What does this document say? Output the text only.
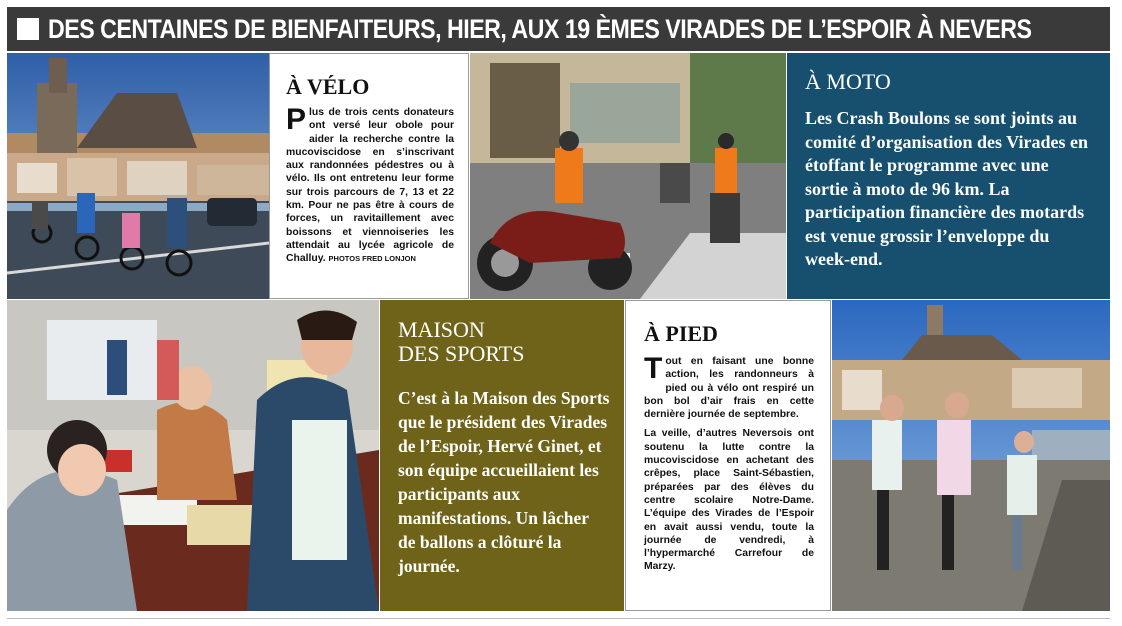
DES CENTAINES DE BIENFAITEURS, HIER, AUX 19 ÈMES VIRADES DE L’ESPOIR À NEVERS
À VÉLO

Plus de trois cents donateurs ont versé leur obole pour aider la recherche contre la mucoviscidose en s’inscrivant aux randonnées pédestres ou à vélo. Ils ont entretenu leur forme sur trois parcours de 7, 13 et 22 km. Pour ne pas être à cours de forces, un ravitaillement avec boissons et viennoiseries les attendait au lycée agricole de Challuy. PHOTOS FRED LONJON

À MOTO

Les Crash Boulons se sont joints au comité d’organisation des Virades en étoffant le programme avec une sortie à moto de 96 km. La participation financière des motards est venue grossir l’enveloppe du week-end.

MAISON
DES SPORTS

C’est à la Maison des Sports que le président des Virades de l’Espoir, Hervé Ginet, et son équipe accueillaient les participants aux manifestations. Un lâcher de ballons a clôturé la journée.

À PIED

Tout en faisant une bonne action, les randonneurs à pied ou à vélo ont respiré un bon bol d’air frais en cette dernière journée de septembre.

La veille, d’autres Neversois ont soutenu la lutte contre la mucoviscidose en achetant des crêpes, place Saint-Sébastien, préparées par des élèves du centre scolaire Notre-Dame. L’équipe des Virades de l’Espoir en avait aussi vendu, toute la journée de vendredi, à l’hypermarché Carrefour de Marzy.
